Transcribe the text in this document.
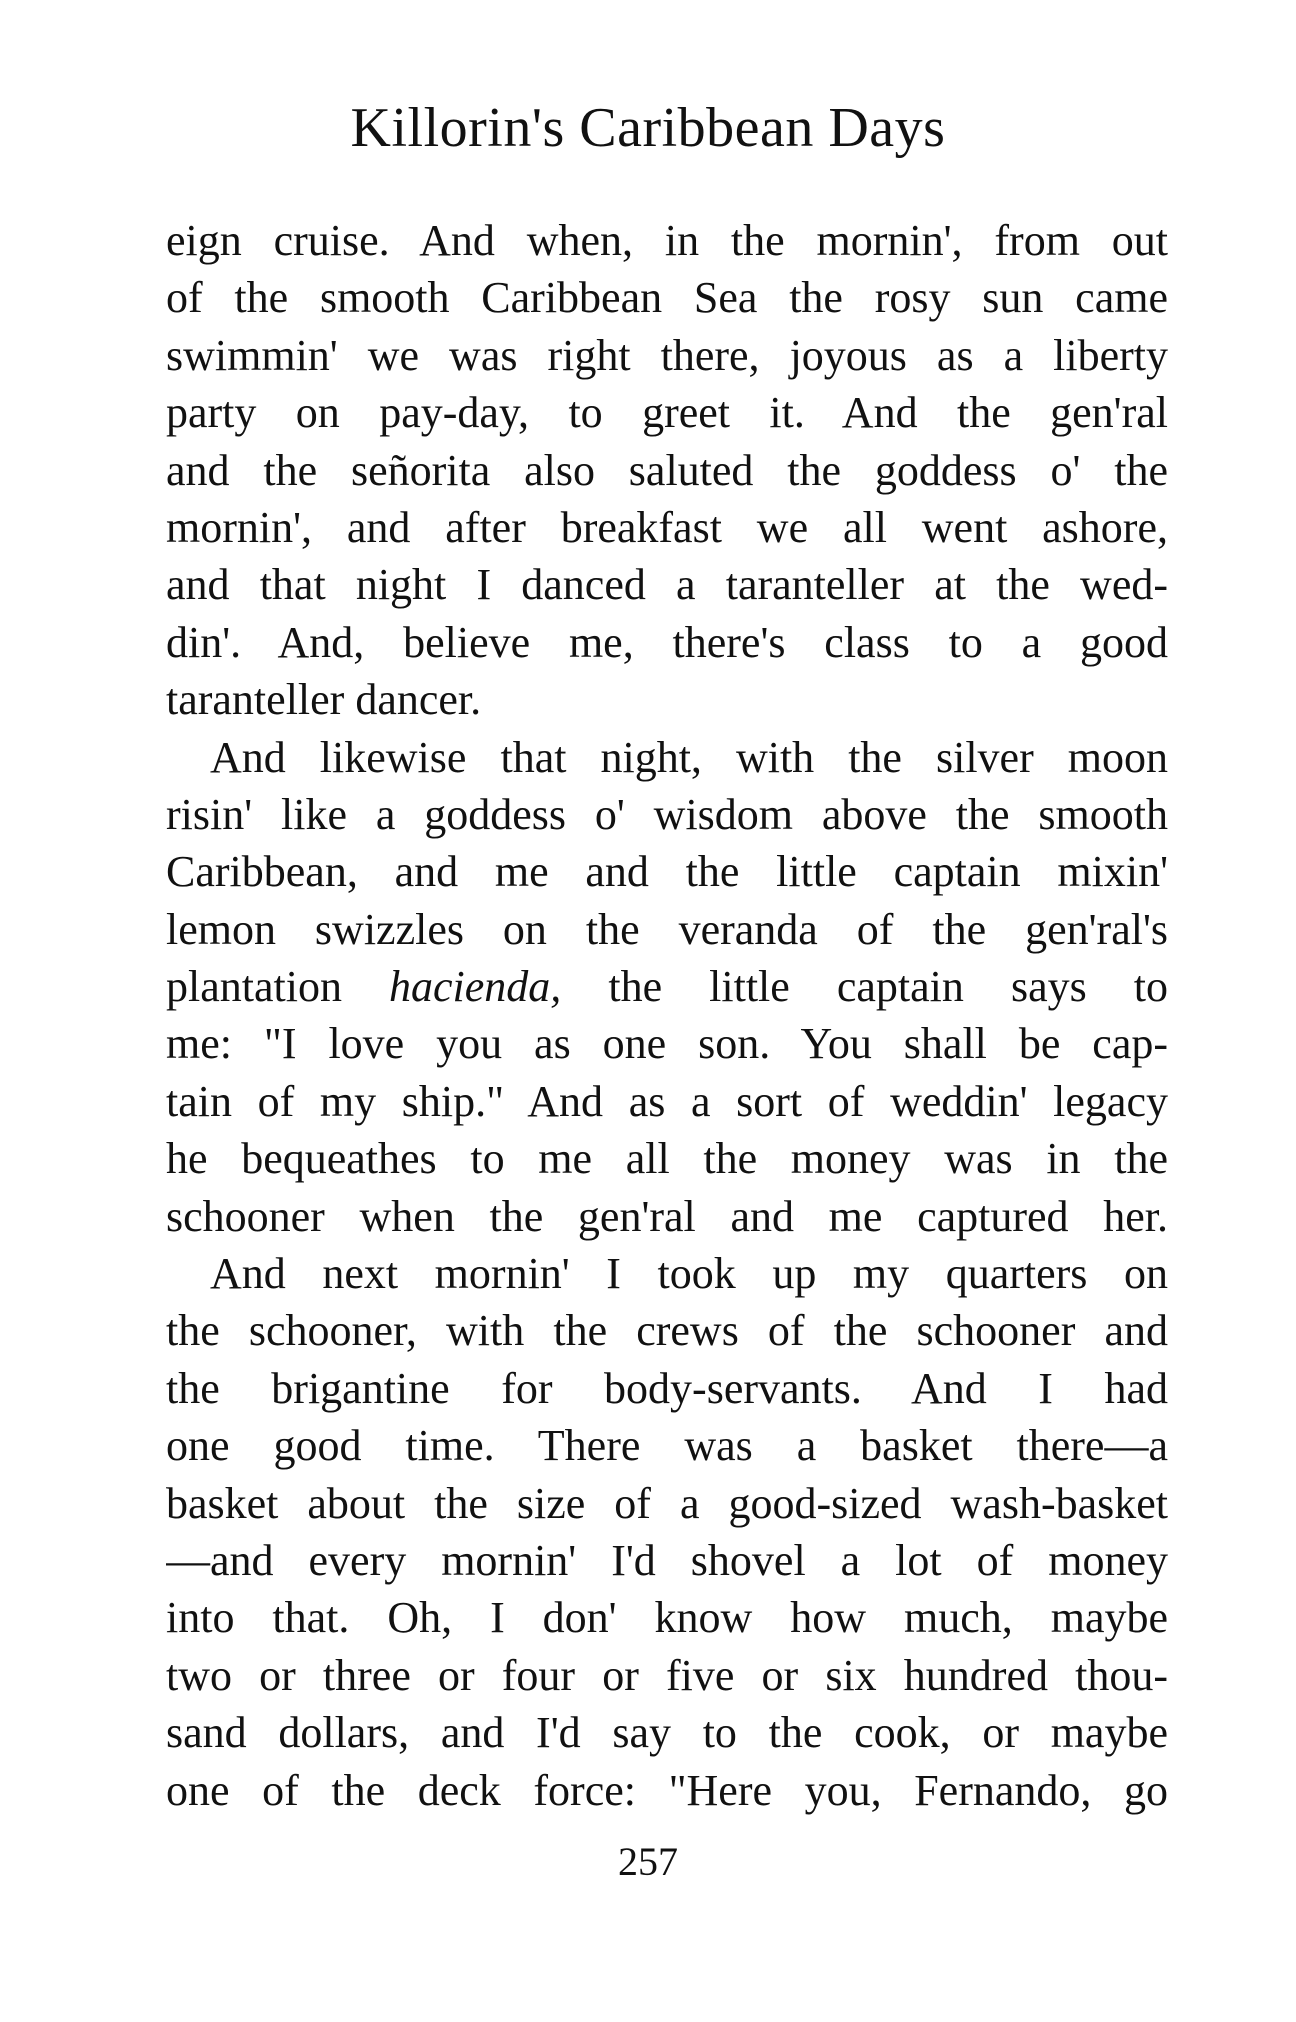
Killorin's Caribbean Days
eign cruise. And when, in the mornin', from out
of the smooth Caribbean Sea the rosy sun came
swimmin' we was right there, joyous as a liberty
party on pay-day, to greet it. And the gen'ral
and the señorita also saluted the goddess o' the
mornin', and after breakfast we all went ashore,
and that night I danced a taranteller at the wed-
din'. And, believe me, there's class to a good
taranteller dancer.
And likewise that night, with the silver moon
risin' like a goddess o' wisdom above the smooth
Caribbean, and me and the little captain mixin'
lemon swizzles on the veranda of the gen'ral's
plantation hacienda, the little captain says to
me: "I love you as one son. You shall be cap-
tain of my ship." And as a sort of weddin' legacy
he bequeathes to me all the money was in the
schooner when the gen'ral and me captured her.
And next mornin' I took up my quarters on
the schooner, with the crews of the schooner and
the brigantine for body-servants. And I had
one good time. There was a basket there—a
basket about the size of a good-sized wash-basket
—and every mornin' I'd shovel a lot of money
into that. Oh, I don' know how much, maybe
two or three or four or five or six hundred thou-
sand dollars, and I'd say to the cook, or maybe
one of the deck force: "Here you, Fernando, go
257
